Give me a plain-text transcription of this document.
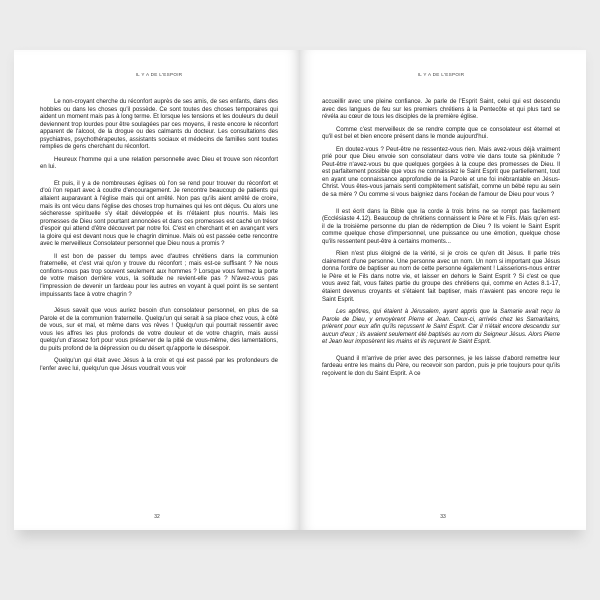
IL Y A DE L'ESPOIR

Le non-croyant cherche du réconfort auprès de ses amis, de ses enfants, dans des hobbies ou dans les choses qu'il possède. Ce sont toutes des choses temporaires qui aident un moment mais pas à long terme. Et lorsque les tensions et les douleurs du deuil deviennent trop lourdes pour être soulagées par ces moyens, il reste encore le réconfort apparent de l'alcool, de la drogue ou des calmants du docteur. Les consultations des psychiatres, psychothérapeutes, assistants sociaux et médecins de familles sont toutes remplies de gens cherchant du réconfort.

Heureux l'homme qui a une relation personnelle avec Dieu et trouve son réconfort en lui.

Et puis, il y a de nombreuses églises où l'on se rend pour trouver du réconfort et d'où l'on repart avec à coudre d'encouragement. Je rencontre beaucoup de patients qui allaient auparavant à l'église mais qui ont arrêté. Non pas qu'ils aient arrêté de croire, mais ils ont vécu dans l'église des choses trop humaines qui les ont déçus. Ou alors une sécheresse spirituelle s'y était développée et ils n'étaient plus nourris. Mais les promesses de Dieu sont pourtant annoncées et dans ces promesses est caché un trésor d'espoir qui attend d'être découvert par notre foi. C'est en cherchant et en avançant vers la gloire qui est devant nous que le chagrin diminue. Mais où est passée cette rencontre avec le merveilleux Consolateur personnel que Dieu nous a promis ?

Il est bon de passer du temps avec d'autres chrétiens dans la communion fraternelle, et c'est vrai qu'on y trouve du réconfort ; mais est-ce suffisant ? Ne nous confions-nous pas trop souvent seulement aux hommes ? Lorsque vous fermez la porte de votre maison derrière vous, la solitude ne revient-elle pas ? N'avez-vous pas l'impression de devenir un fardeau pour les autres en voyant à quel point ils se sentent impuissants face à votre chagrin ?

Jésus savait que vous auriez besoin d'un consolateur personnel, en plus de sa Parole et de la communion fraternelle. Quelqu'un qui serait à sa place chez vous, à côté de vous, sur et mal, et même dans vos rêves ! Quelqu'un qui pourrait ressentir avec vous les affres les plus profonds de votre douleur et de votre chagrin, mais aussi quelqu'un d'assez fort pour vous préserver de la pitié de vous-même, des lamentations, du puits profond de la dépression ou du désert qu'apporte le désespoir.

Quelqu'un qui était avec Jésus à la croix et qui est passé par les profondeurs de l'enfer avec lui, quelqu'un que Jésus voudrait vous voir

32
IL Y A DE L'ESPOIR

accueillir avec une pleine confiance. Je parle de l'Esprit Saint, celui qui est descendu avec des langues de feu sur les premiers chrétiens à la Pentecôte et qui plus tard se révéla au cœur de tous les disciples de la première église.

Comme c'est merveilleux de se rendre compte que ce consolateur est éternel et qu'il est bel et bien encore présent dans le monde aujourd'hui.

En doutez-vous ? Peut-être ne ressentez-vous rien. Mais avez-vous déjà vraiment prié pour que Dieu envoie son consolateur dans votre vie dans toute sa plénitude ? Peut-être n'avez-vous bu que quelques gorgées à la coupe des promesses de Dieu. Il est parfaitement possible que vous ne connaissiez le Saint Esprit que partiellement, tout en ayant une connaissance approfondie de la Parole et une foi inébranlable en Jésus-Christ. Vous êtes-vous jamais senti complètement satisfait, comme un bébé repu au sein de sa mère ? Ou comme si vous baigniez dans l'océan de l'amour de Dieu pour vous ?

Il est écrit dans la Bible que la corde à trois brins ne se rompt pas facilement (Ecclésiaste 4.12). Beaucoup de chrétiens connaissent le Père et le Fils. Mais qu'en est-il de la troisième personne du plan de rédemption de Dieu ? Ils voient le Saint Esprit comme quelque chose d'impersonnel, une puissance ou une émotion, quelque chose qu'ils ressentent peut-être à certains moments...

Rien n'est plus éloigné de la vérité, si je crois ce qu'en dit Jésus. Il parle très clairement d'une personne. Une personne avec un nom. Un nom si important que Jésus donna l'ordre de baptiser au nom de cette personne également ! Laisserions-nous entrer le Père et le Fils dans notre vie, et laisser en dehors le Saint Esprit ? Si c'est ce que vous avez fait, vous faites partie du groupe des chrétiens qui, comme en Actes 8.1-17, étaient devenus croyants et s'étaient fait baptiser, mais n'avaient pas encore reçu le Saint Esprit.

Les apôtres, qui étaient à Jérusalem, ayant appris que la Samarie avait reçu la Parole de Dieu, y envoyèrent Pierre et Jean. Ceux-ci, arrivés chez les Samaritains, prièrent pour eux afin qu'ils reçussent le Saint Esprit. Car il n'était encore descendu sur aucun d'eux ; ils avaient seulement été baptisés au nom du Seigneur Jésus. Alors Pierre et Jean leur imposèrent les mains et ils reçurent le Saint Esprit.

Quand il m'arrive de prier avec des personnes, je les laisse d'abord remettre leur fardeau entre les mains du Père, ou recevoir son pardon, puis je prie toujours pour qu'ils reçoivent le don du Saint Esprit. A ce

33
